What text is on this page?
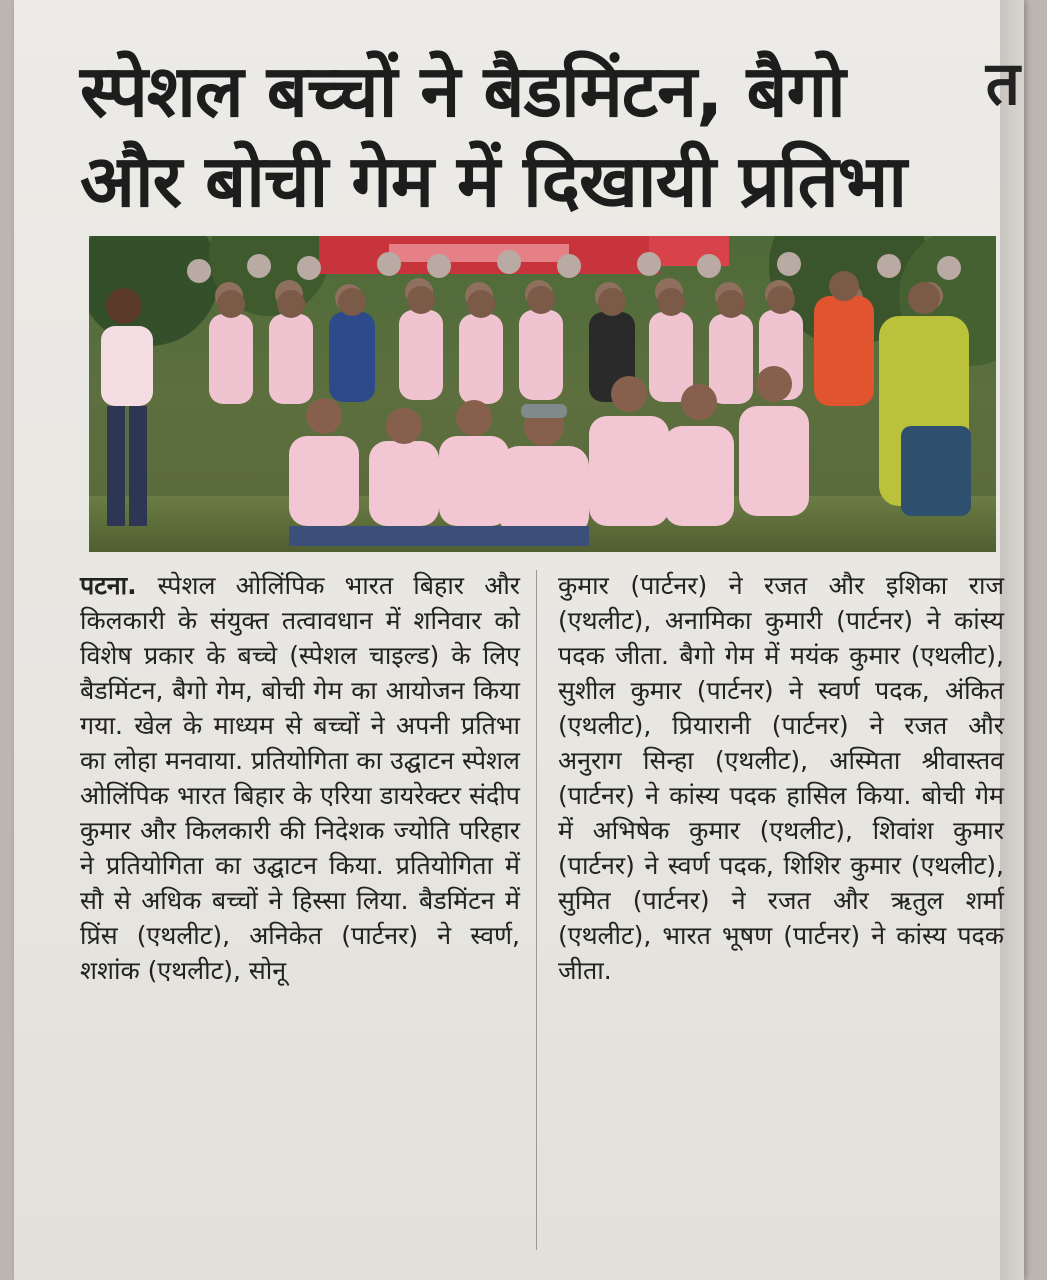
त
स्पेशल बच्चों ने बैडमिंटन, बैगो
और बोची गेम में दिखायी प्रतिभा
पटना. स्पेशल ओलिंपिक भारत बिहार और किलकारी के संयुक्त तत्वावधान में शनिवार को विशेष प्रकार के बच्चे (स्पेशल चाइल्ड) के लिए बैडमिंटन, बैगो गेम, बोची गेम का आयोजन किया गया. खेल के माध्यम से बच्चों ने अपनी प्रतिभा का लोहा मनवाया. प्रतियोगिता का उद्घाटन स्पेशल ओलिंपिक भारत बिहार के एरिया डायरेक्टर संदीप कुमार और किलकारी की निदेशक ज्योति परिहार ने प्रतियोगिता का उद्घाटन किया. प्रतियोगिता में सौ से अधिक बच्चों ने हिस्सा लिया. बैडमिंटन में प्रिंस (एथलीट), अनिकेत (पार्टनर) ने स्वर्ण, शशांक (एथलीट), सोनू
कुमार (पार्टनर) ने रजत और इशिका राज (एथलीट), अनामिका कुमारी (पार्टनर) ने कांस्य पदक जीता. बैगो गेम में मयंक कुमार (एथलीट), सुशील कुमार (पार्टनर) ने स्वर्ण पदक, अंकित (एथलीट), प्रियारानी (पार्टनर) ने रजत और अनुराग सिन्हा (एथलीट), अस्मिता श्रीवास्तव (पार्टनर) ने कांस्य पदक हासिल किया. बोची गेम में अभिषेक कुमार (एथलीट), शिवांश कुमार (पार्टनर) ने स्वर्ण पदक, शिशिर कुमार (एथलीट), सुमित (पार्टनर) ने रजत और ऋतुल शर्मा (एथलीट), भारत भूषण (पार्टनर) ने कांस्य पदक जीता.
